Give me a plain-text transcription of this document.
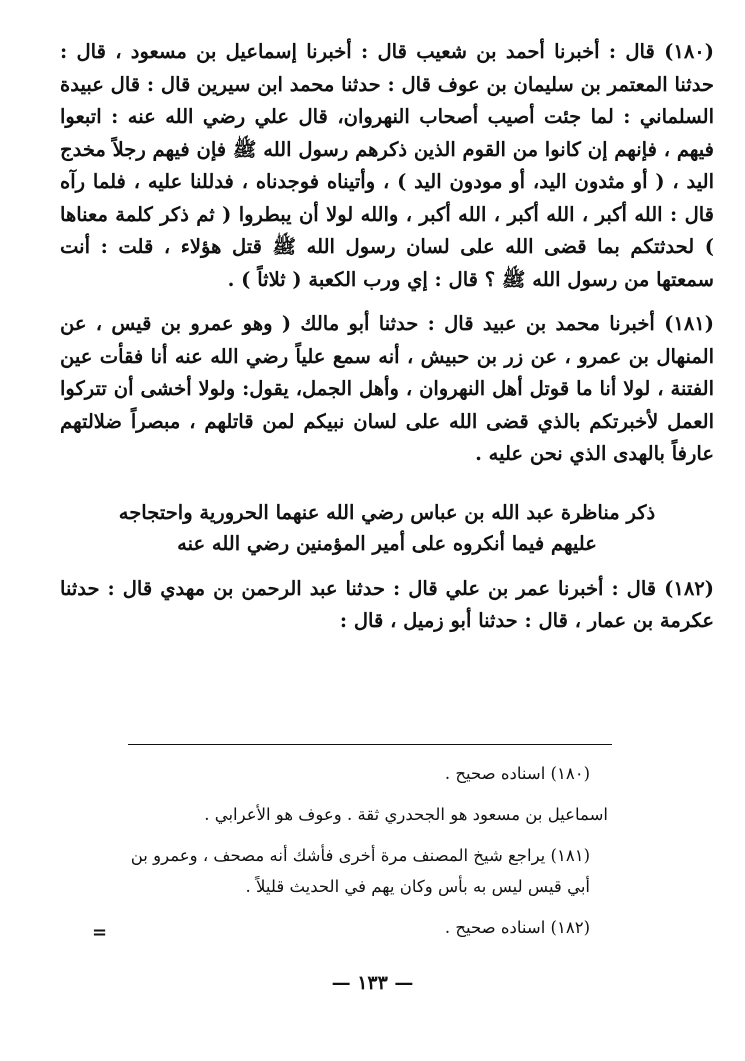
(١٨٠) قال : أخبرنا أحمد بن شعيب قال : أخبرنا إسماعيل بن مسعود ، قال : حدثنا المعتمر بن سليمان بن عوف قال : حدثنا محمد ابن سيرين قال : قال عبيدة السلماني : لما جئت أصيب أصحاب النهروان، قال علي رضي الله عنه : اتبعوا فيهم ، فإنهم إن كانوا من القوم الذين ذكرهم رسول الله ﷺ فإن فيهم رجلاً مخدج اليد ، ( أو مثدون اليد، أو مودون اليد ) ، وأتيناه فوجدناه ، فدللنا عليه ، فلما رآه قال : الله أكبر ، الله أكبر ، الله أكبر ، والله لولا أن يبطروا ( ثم ذكر كلمة معناها ) لحدثتكم بما قضى الله على لسان رسول الله ﷺ قتل هؤلاء ، قلت : أنت سمعتها من رسول الله ﷺ ؟ قال : إي ورب الكعبة ( ثلاثاً ) .

(١٨١) أخبرنا محمد بن عبيد قال : حدثنا أبو مالك ( وهو عمرو بن قيس ، عن المنهال بن عمرو ، عن زر بن حبيش ، أنه سمع علياً رضي الله عنه أنا فقأت عين الفتنة ، لولا أنا ما قوتل أهل النهروان ، وأهل الجمل، يقول: ولولا أخشى أن تتركوا العمل لأخبرتكم بالذي قضى الله على لسان نبيكم لمن قاتلهم ، مبصراً ضلالتهم عارفاً بالهدى الذي نحن عليه .

ذكر مناظرة عبد الله بن عباس رضي الله عنهما الحرورية واحتجاجه
عليهم فيما أنكروه على أمير المؤمنين رضي الله عنه

(١٨٢) قال : أخبرنا عمر بن علي قال : حدثنا عبد الرحمن بن مهدي قال : حدثنا عكرمة بن عمار ، قال : حدثنا أبو زميل ، قال :

(١٨٠) اسناده صحيح .

اسماعيل بن مسعود هو الجحدري ثقة . وعوف هو الأعرابي .

(١٨١) يراجع شيخ المصنف مرة أخرى فأشك أنه مصحف ، وعمرو بن أبي قيس ليس به بأس وكان يهم في الحديث قليلاً .

(١٨٢) اسناده صحيح .

=
— ١٣٣ —
